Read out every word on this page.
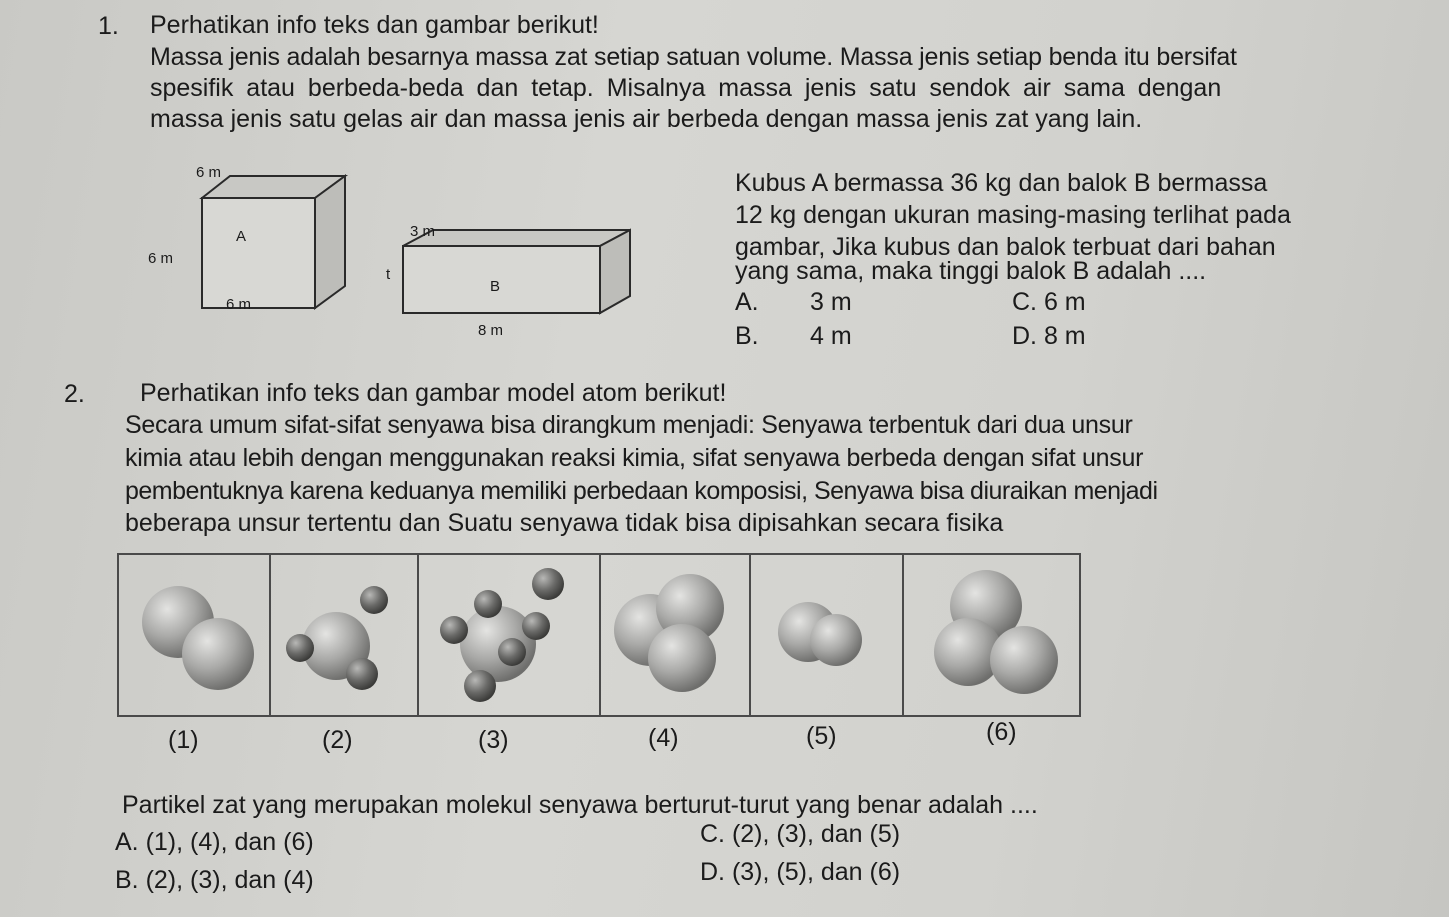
1. Perhatikan info teks dan gambar berikut!
Massa jenis adalah besarnya massa zat setiap satuan volume. Massa jenis setiap benda itu bersifat
spesifik atau berbeda-beda dan tetap. Misalnya massa jenis satu sendok air sama dengan
massa jenis satu gelas air dan massa jenis air berbeda dengan massa jenis zat yang lain.
6 m
A
6 m
6 m
3 m
t
B
8 m
Kubus A bermassa 36 kg dan balok B bermassa
12 kg dengan ukuran masing-masing terlihat pada
gambar, Jika kubus dan balok terbuat dari bahan
yang sama, maka tinggi balok B adalah ....
A. 3 m	C. 6 m
B. 4 m	D. 8 m
2. Perhatikan info teks dan gambar model atom berikut!
Secara umum sifat-sifat senyawa bisa dirangkum menjadi: Senyawa terbentuk dari dua unsur
kimia atau lebih dengan menggunakan reaksi kimia, sifat senyawa berbeda dengan sifat unsur
pembentuknya karena keduanya memiliki perbedaan komposisi, Senyawa bisa diuraikan menjadi
beberapa unsur tertentu dan Suatu senyawa tidak bisa dipisahkan secara fisika
(1)	(2)	(3)	(4)	(5)	(6)
Partikel zat yang merupakan molekul senyawa berturut-turut yang benar adalah ....
A. (1), (4), dan (6)	C. (2), (3), dan (5)
B. (2), (3), dan (4)	D. (3), (5), dan (6)
